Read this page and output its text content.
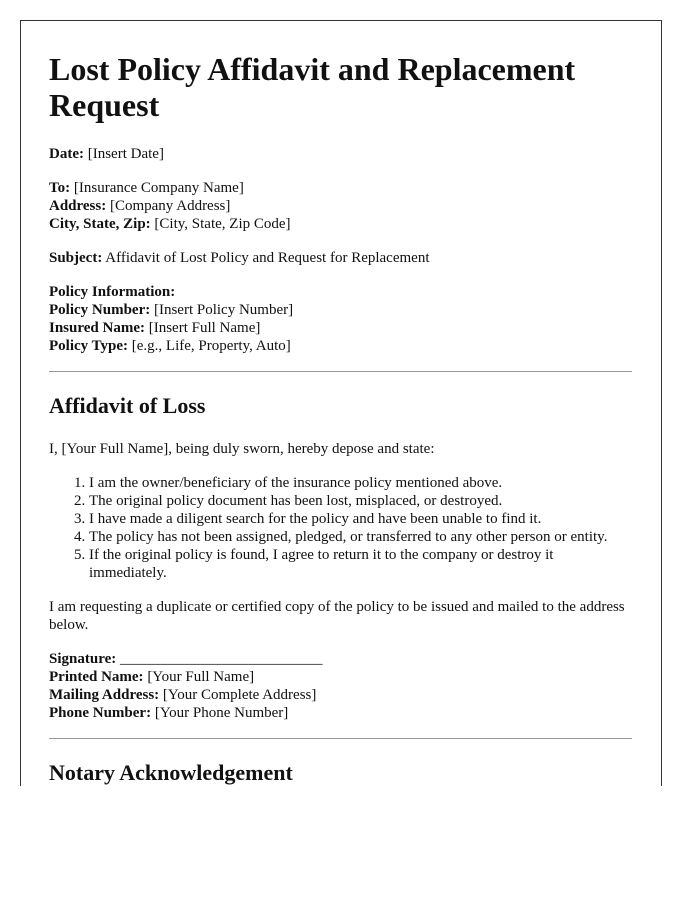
Lost Policy Affidavit and Replacement Request

Date: [Insert Date]

To: [Insurance Company Name]
Address: [Company Address]
City, State, Zip: [City, State, Zip Code]

Subject: Affidavit of Lost Policy and Request for Replacement

Policy Information:
Policy Number: [Insert Policy Number]
Insured Name: [Insert Full Name]
Policy Type: [e.g., Life, Property, Auto]

Affidavit of Loss

I, [Your Full Name], being duly sworn, hereby depose and state:

1. I am the owner/beneficiary of the insurance policy mentioned above.
2. The original policy document has been lost, misplaced, or destroyed.
3. I have made a diligent search for the policy and have been unable to find it.
4. The policy has not been assigned, pledged, or transferred to any other person or entity.
5. If the original policy is found, I agree to return it to the company or destroy it immediately.

I am requesting a duplicate or certified copy of the policy to be issued and mailed to the address below.

Signature: ___________________________
Printed Name: [Your Full Name]
Mailing Address: [Your Complete Address]
Phone Number: [Your Phone Number]

Notary Acknowledgement
